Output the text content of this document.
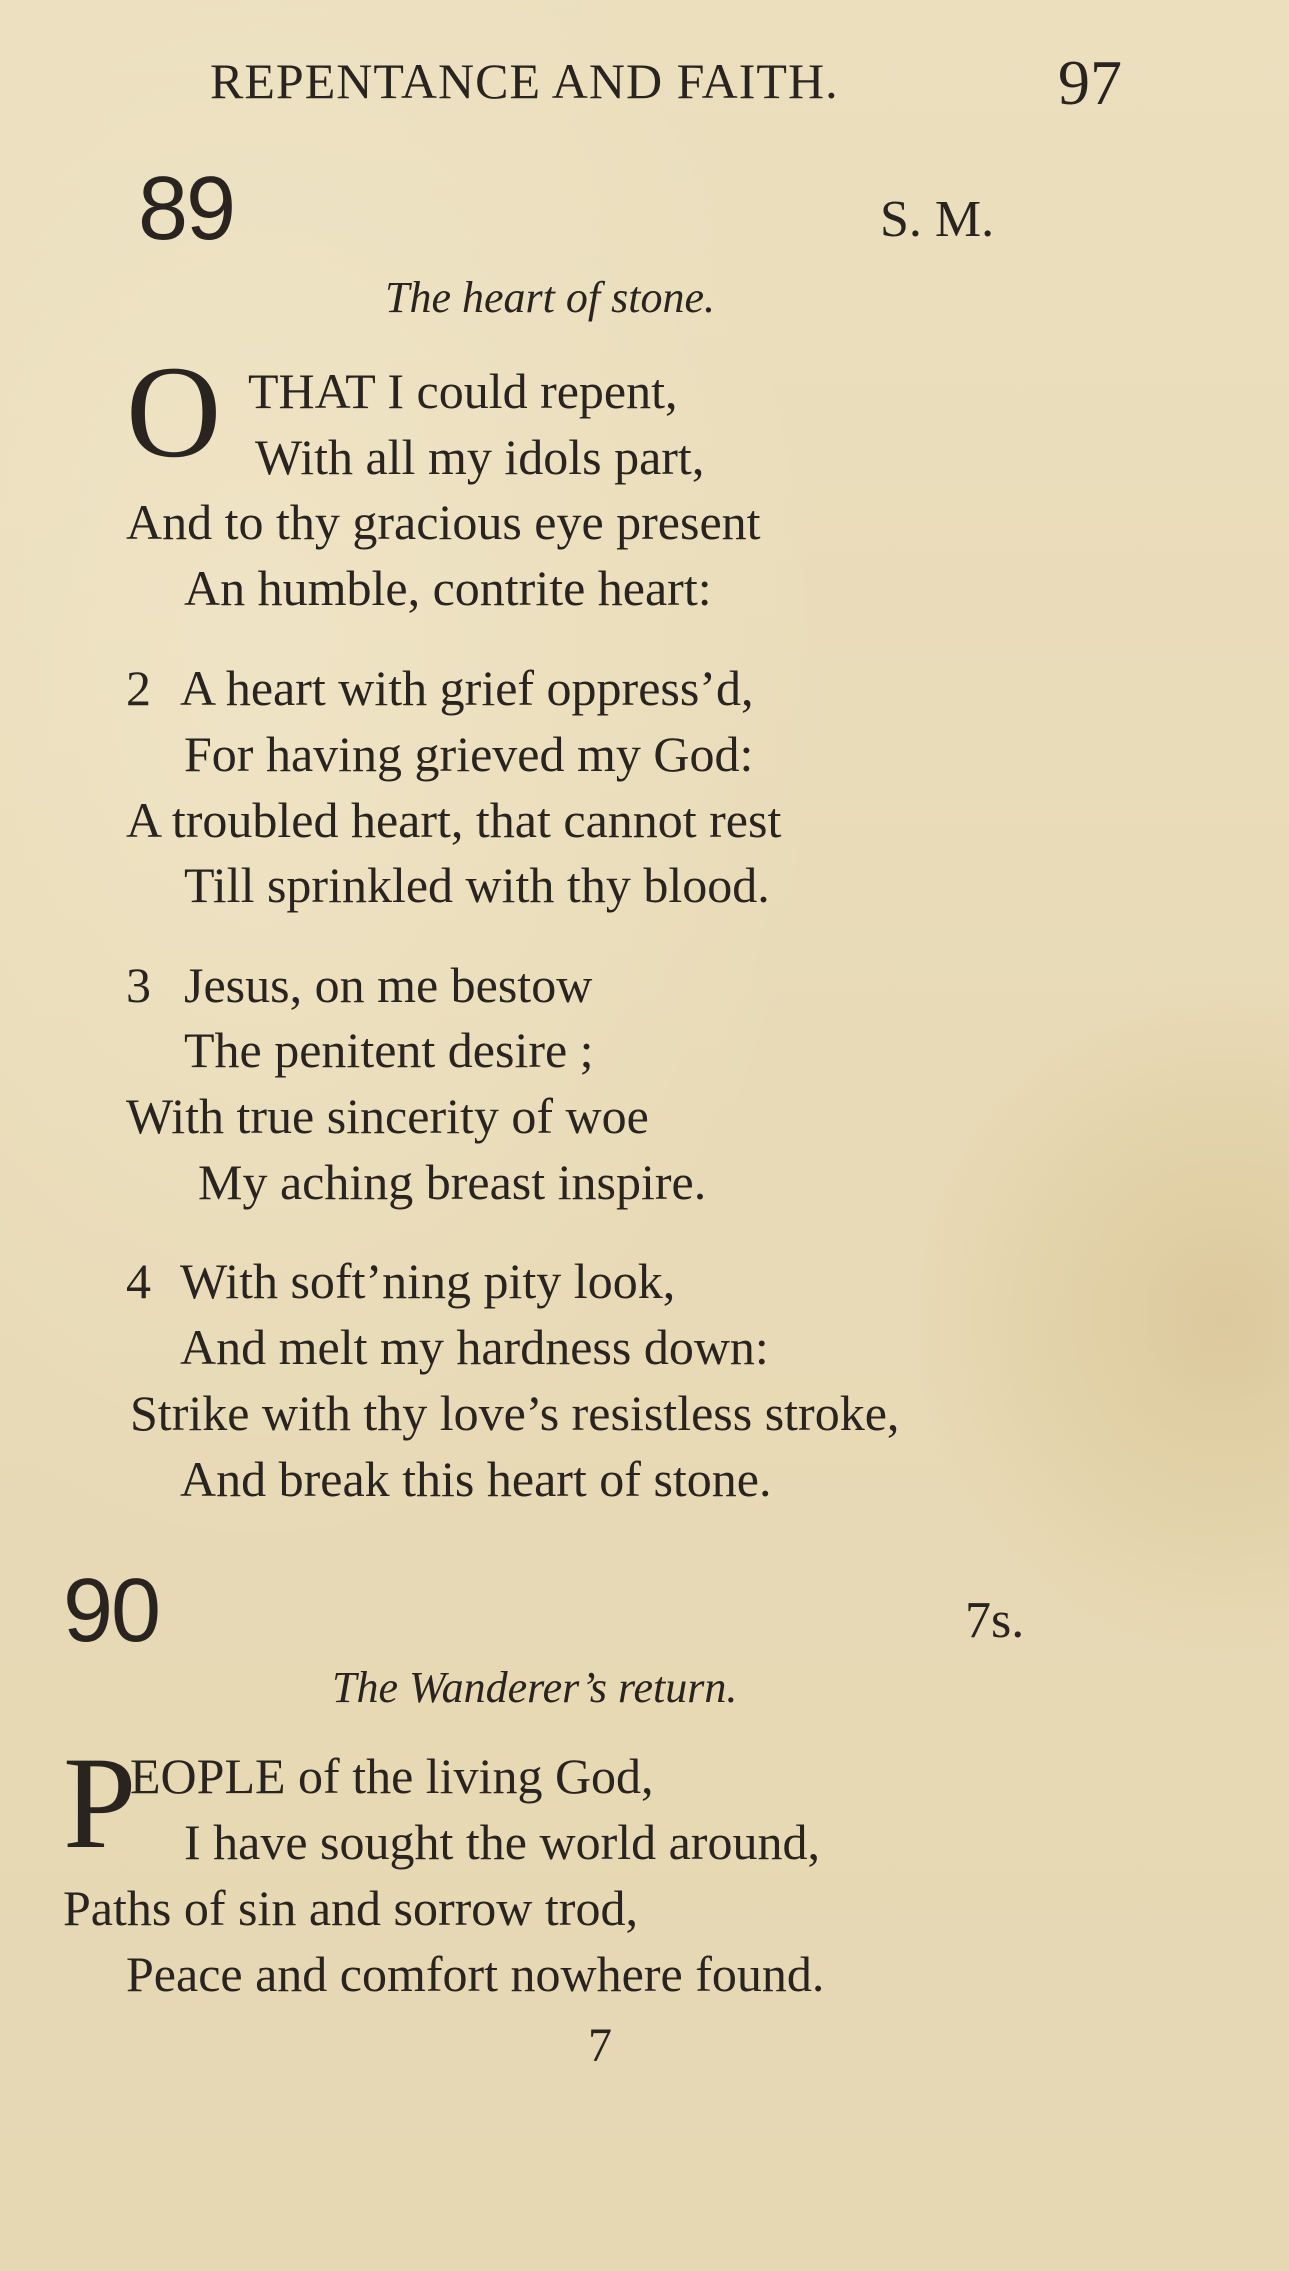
REPENTANCE AND FAITH.	97
89	S. M.
The heart of stone.
O THAT I could repent,
With all my idols part,
And to thy gracious eye present
An humble, contrite heart:
2 A heart with grief oppress’d,
For having grieved my God:
A troubled heart, that cannot rest
Till sprinkled with thy blood.
3 Jesus, on me bestow
The penitent desire ;
With true sincerity of woe
My aching breast inspire.
4 With soft’ning pity look,
And melt my hardness down:
Strike with thy love’s resistless stroke,
And break this heart of stone.
90	7s.
The Wanderer’s return.
P
EOPLE of the living God,
I have sought the world around,
Paths of sin and sorrow trod,
Peace and comfort nowhere found.
7
